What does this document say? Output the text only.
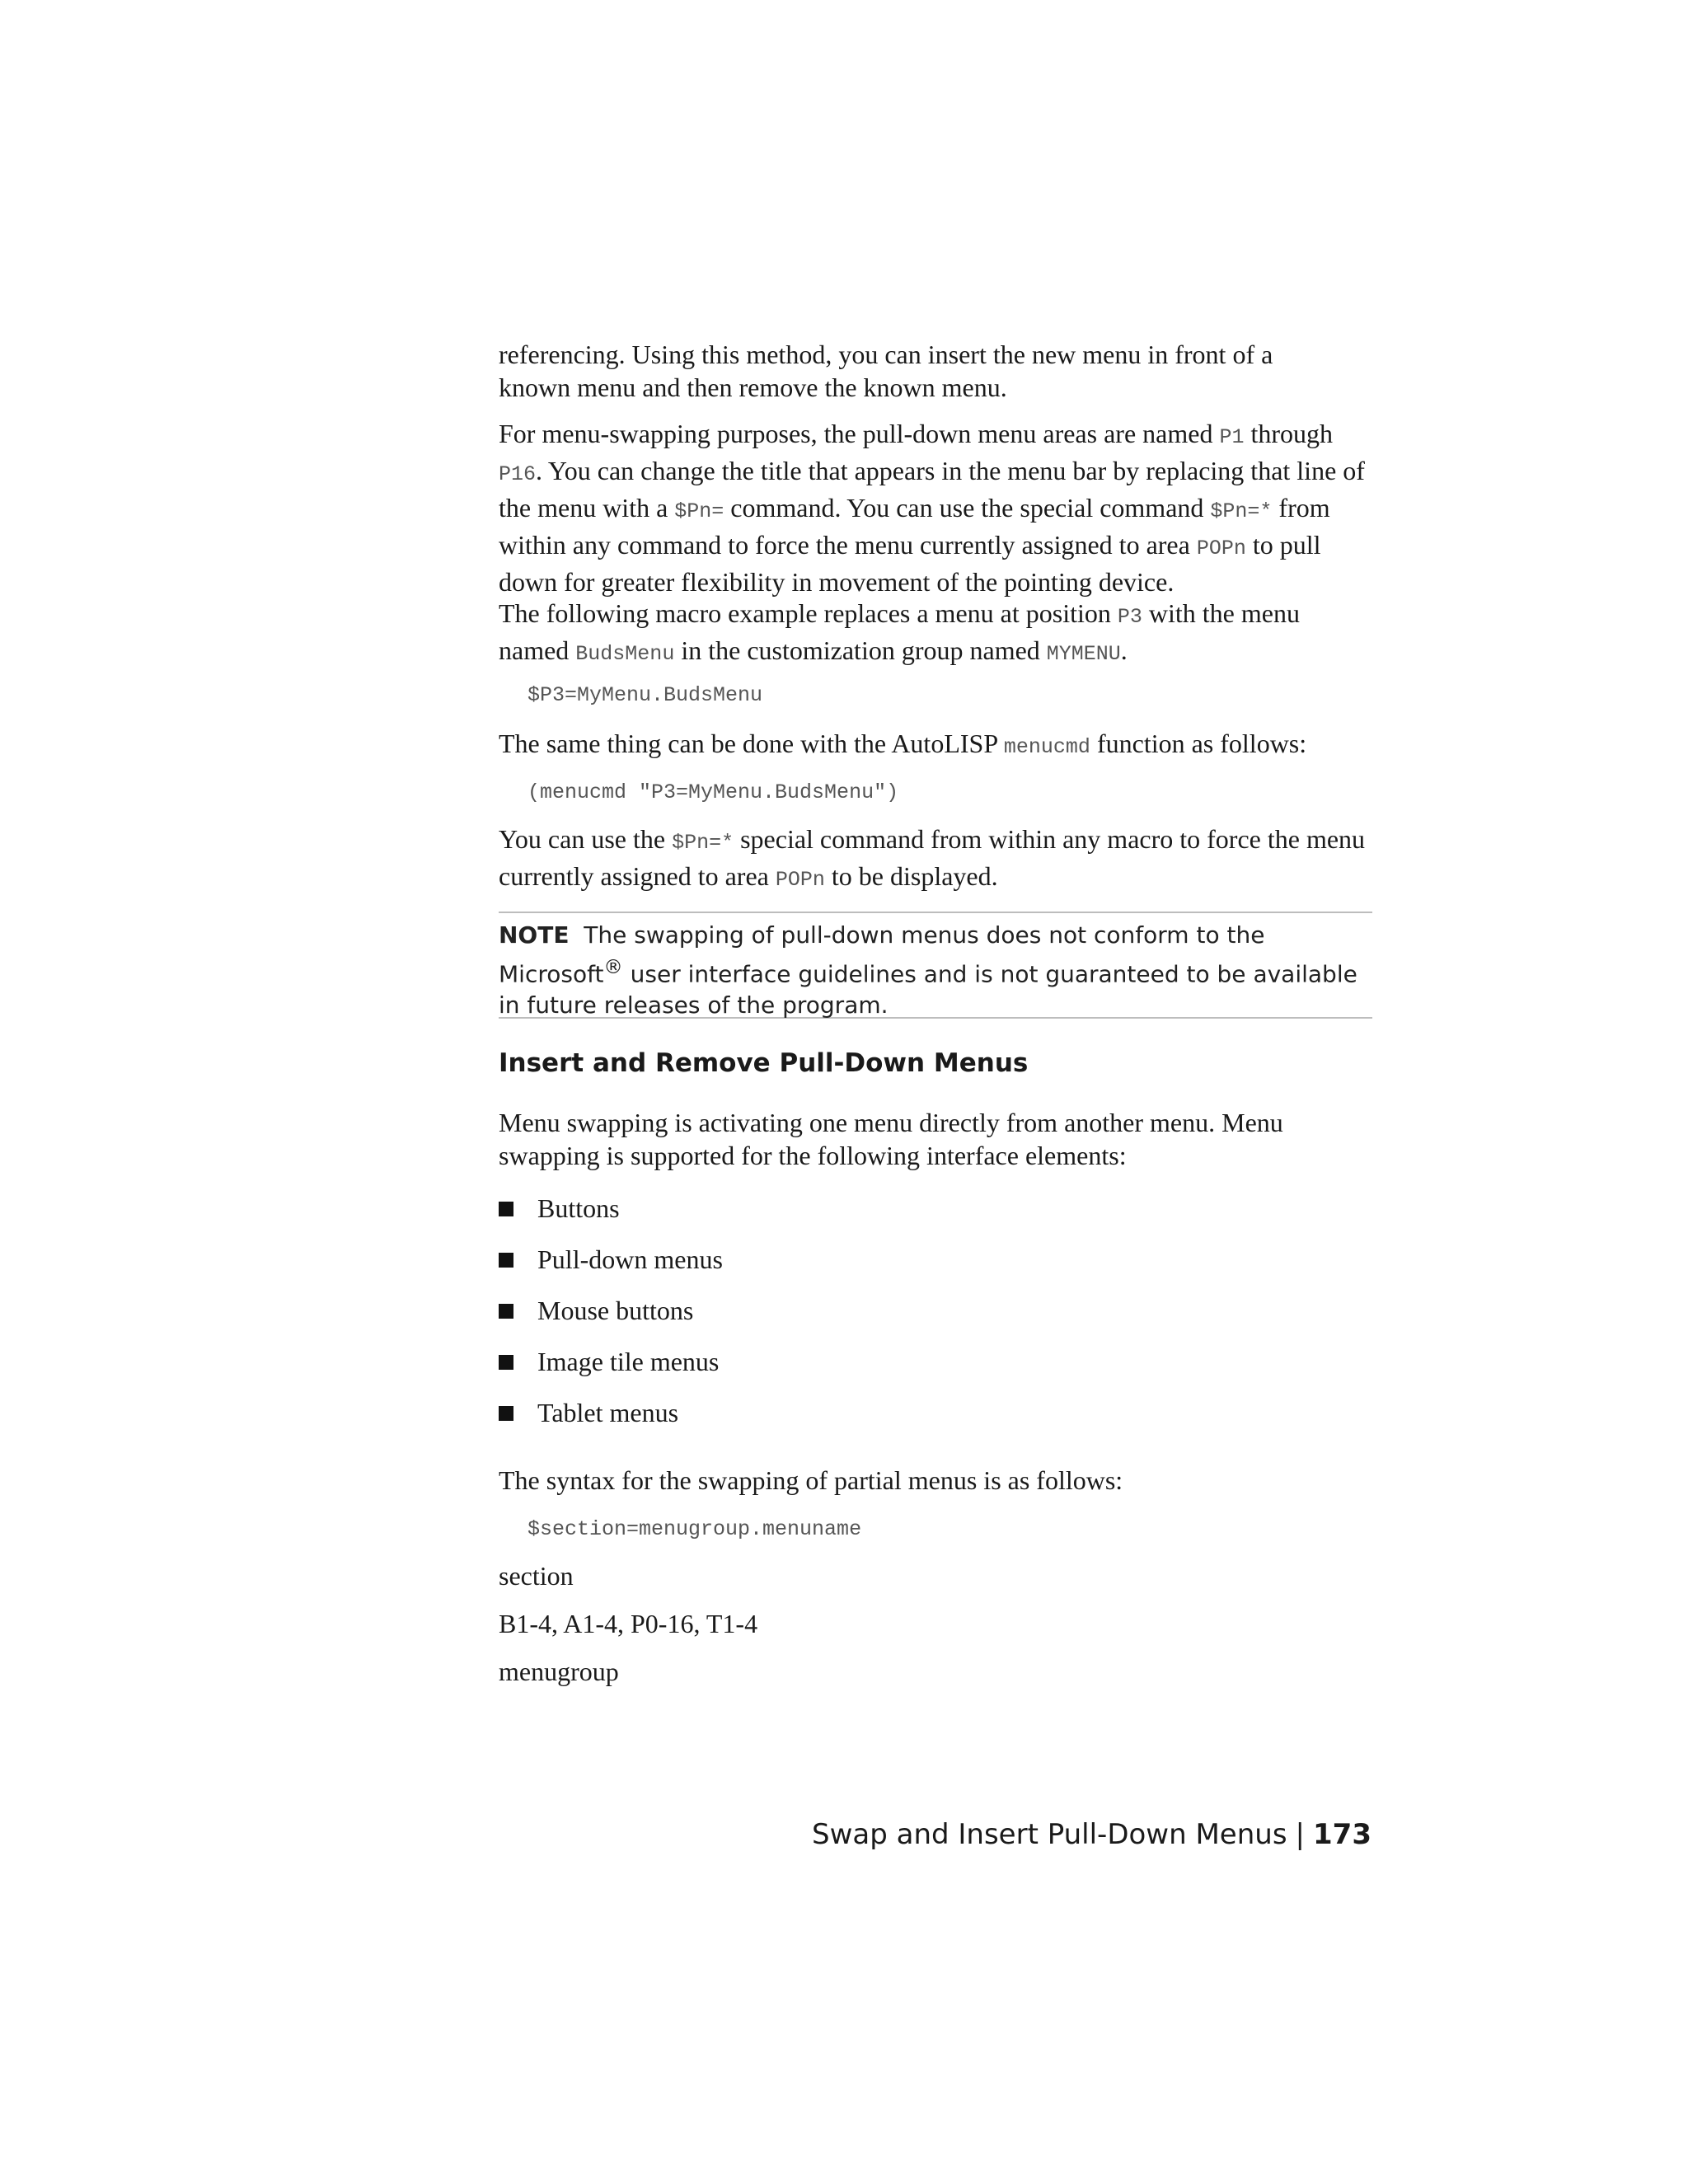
referencing. Using this method, you can insert the new menu in front of a
known menu and then remove the known menu.

For menu-swapping purposes, the pull-down menu areas are named P1 through
P16. You can change the title that appears in the menu bar by replacing that line of the menu with a $Pn= command. You can use the special command $Pn=* from within any command to force the menu currently assigned to area POPn to pull down for greater flexibility in movement of the pointing device.

The following macro example replaces a menu at position P3 with the menu named BudsMenu in the customization group named MYMENU.

$P3=MyMenu.BudsMenu

The same thing can be done with the AutoLISP menucmd function as follows:

(menucmd "P3=MyMenu.BudsMenu")

You can use the $Pn=* special command from within any macro to force the menu currently assigned to area POPn to be displayed.

NOTE The swapping of pull-down menus does not conform to the Microsoft® user interface guidelines and is not guaranteed to be available in future releases of the program.
Insert and Remove Pull-Down Menus

Menu swapping is activating one menu directly from another menu. Menu swapping is supported for the following interface elements:

Buttons
Pull-down menus
Mouse buttons
Image tile menus
Tablet menus

The syntax for the swapping of partial menus is as follows:

$section=menugroup.menuname

section

B1-4, A1-4, P0-16, T1-4

menugroup

Swap and Insert Pull-Down Menus | 173
